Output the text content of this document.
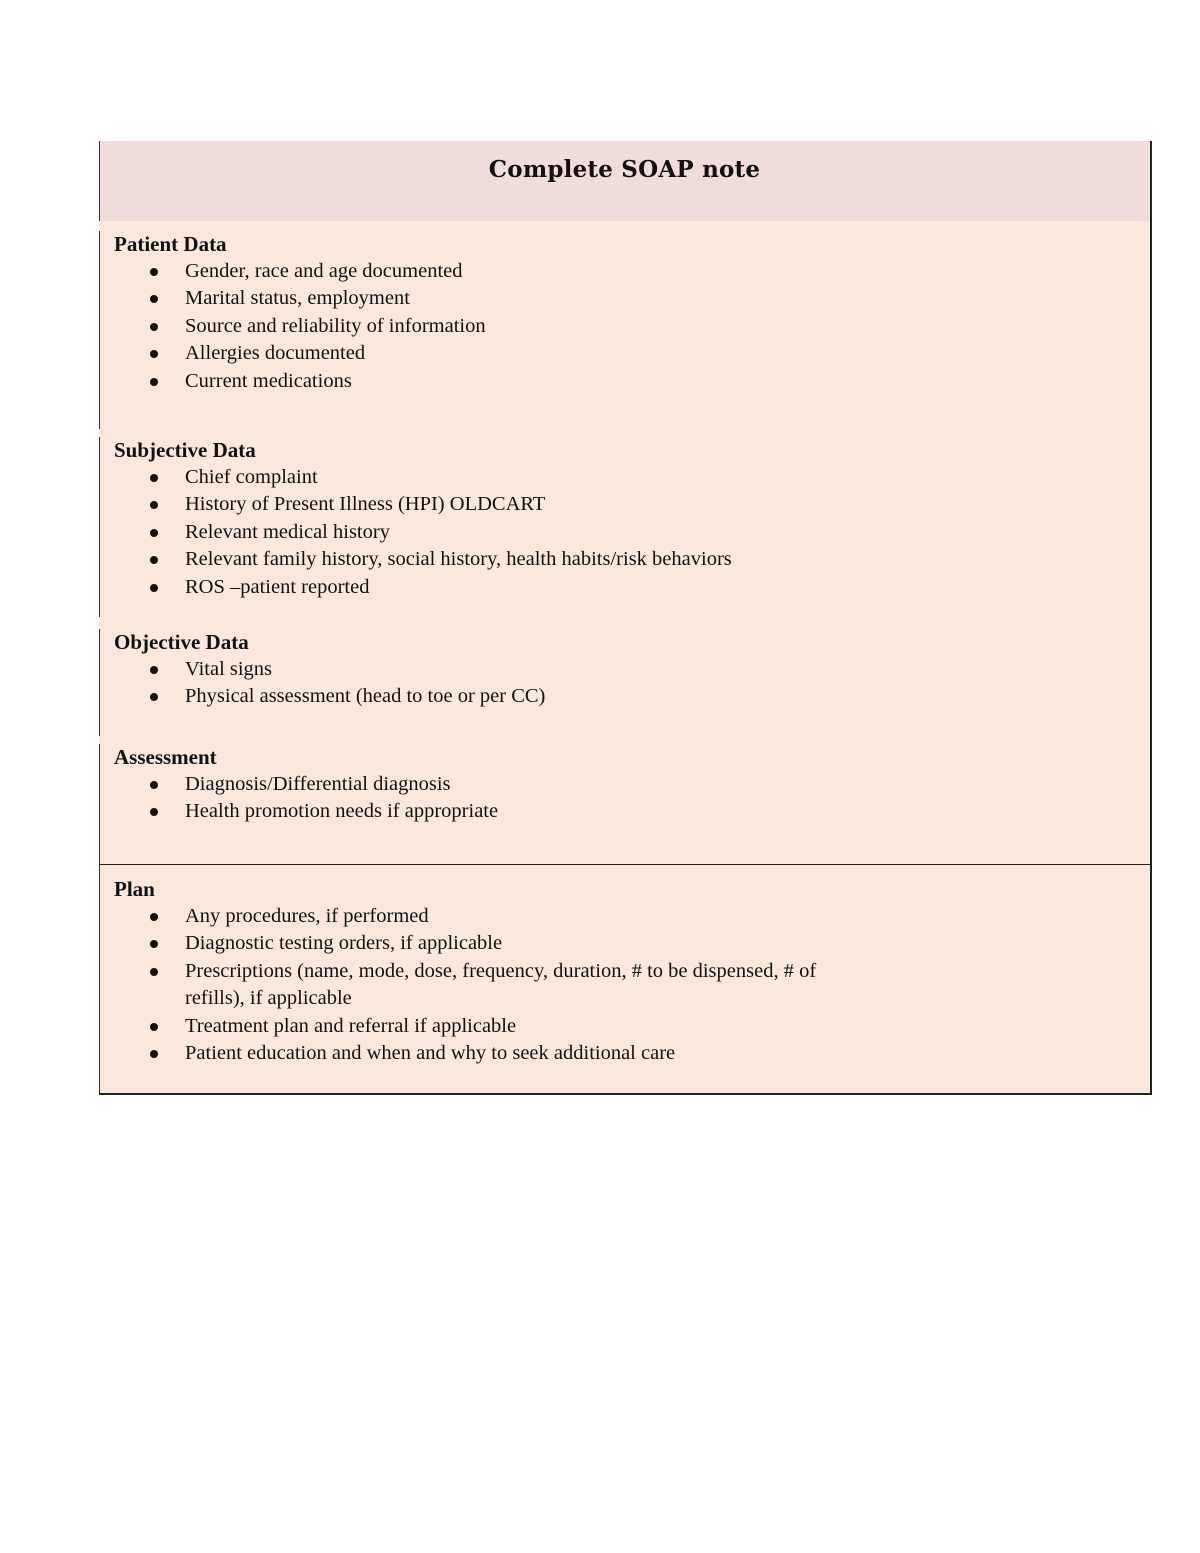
Complete SOAP note
Patient Data
Gender, race and age documented
Marital status, employment
Source and reliability of information
Allergies documented
Current medications
Subjective Data
Chief complaint
History of Present Illness (HPI) OLDCART
Relevant medical history
Relevant family history, social history, health habits/risk behaviors
ROS –patient reported
Objective Data
Vital signs
Physical assessment (head to toe or per CC)
Assessment
Diagnosis/Differential diagnosis
Health promotion needs if appropriate
Plan
Any procedures, if performed
Diagnostic testing orders, if applicable
Prescriptions (name, mode, dose, frequency, duration, # to be dispensed, # of
refills), if applicable
Treatment plan and referral if applicable
Patient education and when and why to seek additional care
